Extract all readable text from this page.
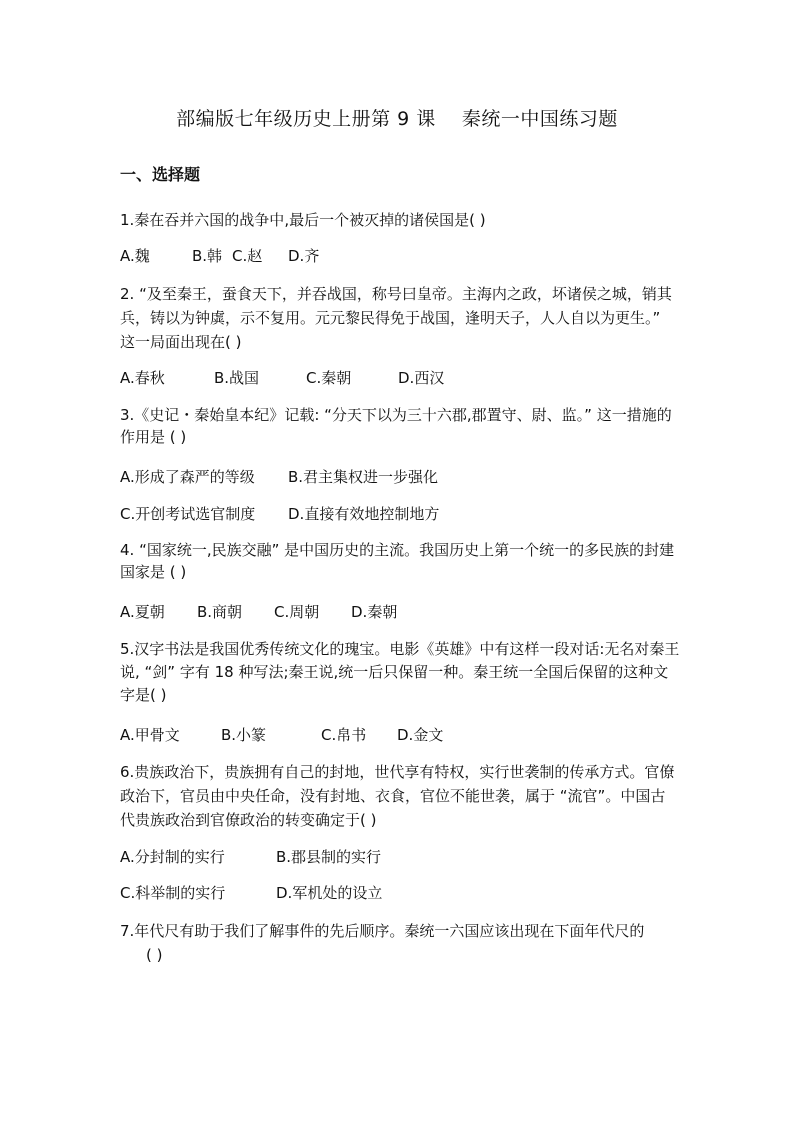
部编版七年级历史上册第 9 课    秦统一中国练习题
一、选择题
1.秦在吞并六国的战争中,最后一个被灭掉的诸侯国是( )
A.魏	B.韩 C.赵 D.齐
2. “及至秦王，蚕食天下，并吞战国，称号曰皇帝。主海内之政，坏诸侯之城，销其兵，铸以为钟虡，示不复用。元元黎民得免于战国，逢明天子，人人自以为更生。” 这一局面出现在( )
A.春秋	B.战国	C.秦朝	D.西汉
3.《史记・秦始皇本纪》记载: “分天下以为三十六郡,郡置守、尉、监。” 这一措施的作用是 ( )
A.形成了森严的等级 B.君主集权进一步强化
C.开创考试选官制度 D.直接有效地控制地方
4. “国家统一,民族交融” 是中国历史的主流。我国历史上第一个统一的多民族的封建国家是 ( )
A.夏朝 B.商朝 C.周朝 D.秦朝
5.汉字书法是我国优秀传统文化的瑰宝。电影《英雄》中有这样一段对话:无名对秦王说, “剑” 字有 18 种写法;秦王说,统一后只保留一种。秦王统一全国后保留的这种文字是( )
A.甲骨文	B.小篆	C.帛书 D.金文
6.贵族政治下，贵族拥有自己的封地，世代享有特权，实行世袭制的传承方式。官僚政治下，官员由中央任命，没有封地、衣食，官位不能世袭，属于 “流官”。中国古代贵族政治到官僚政治的转变确定于( )
A.分封制的实行	B.郡县制的实行
C.科举制的实行	D.军机处的设立
7.年代尺有助于我们了解事件的先后顺序。秦统一六国应该出现在下面年代尺的
( )
